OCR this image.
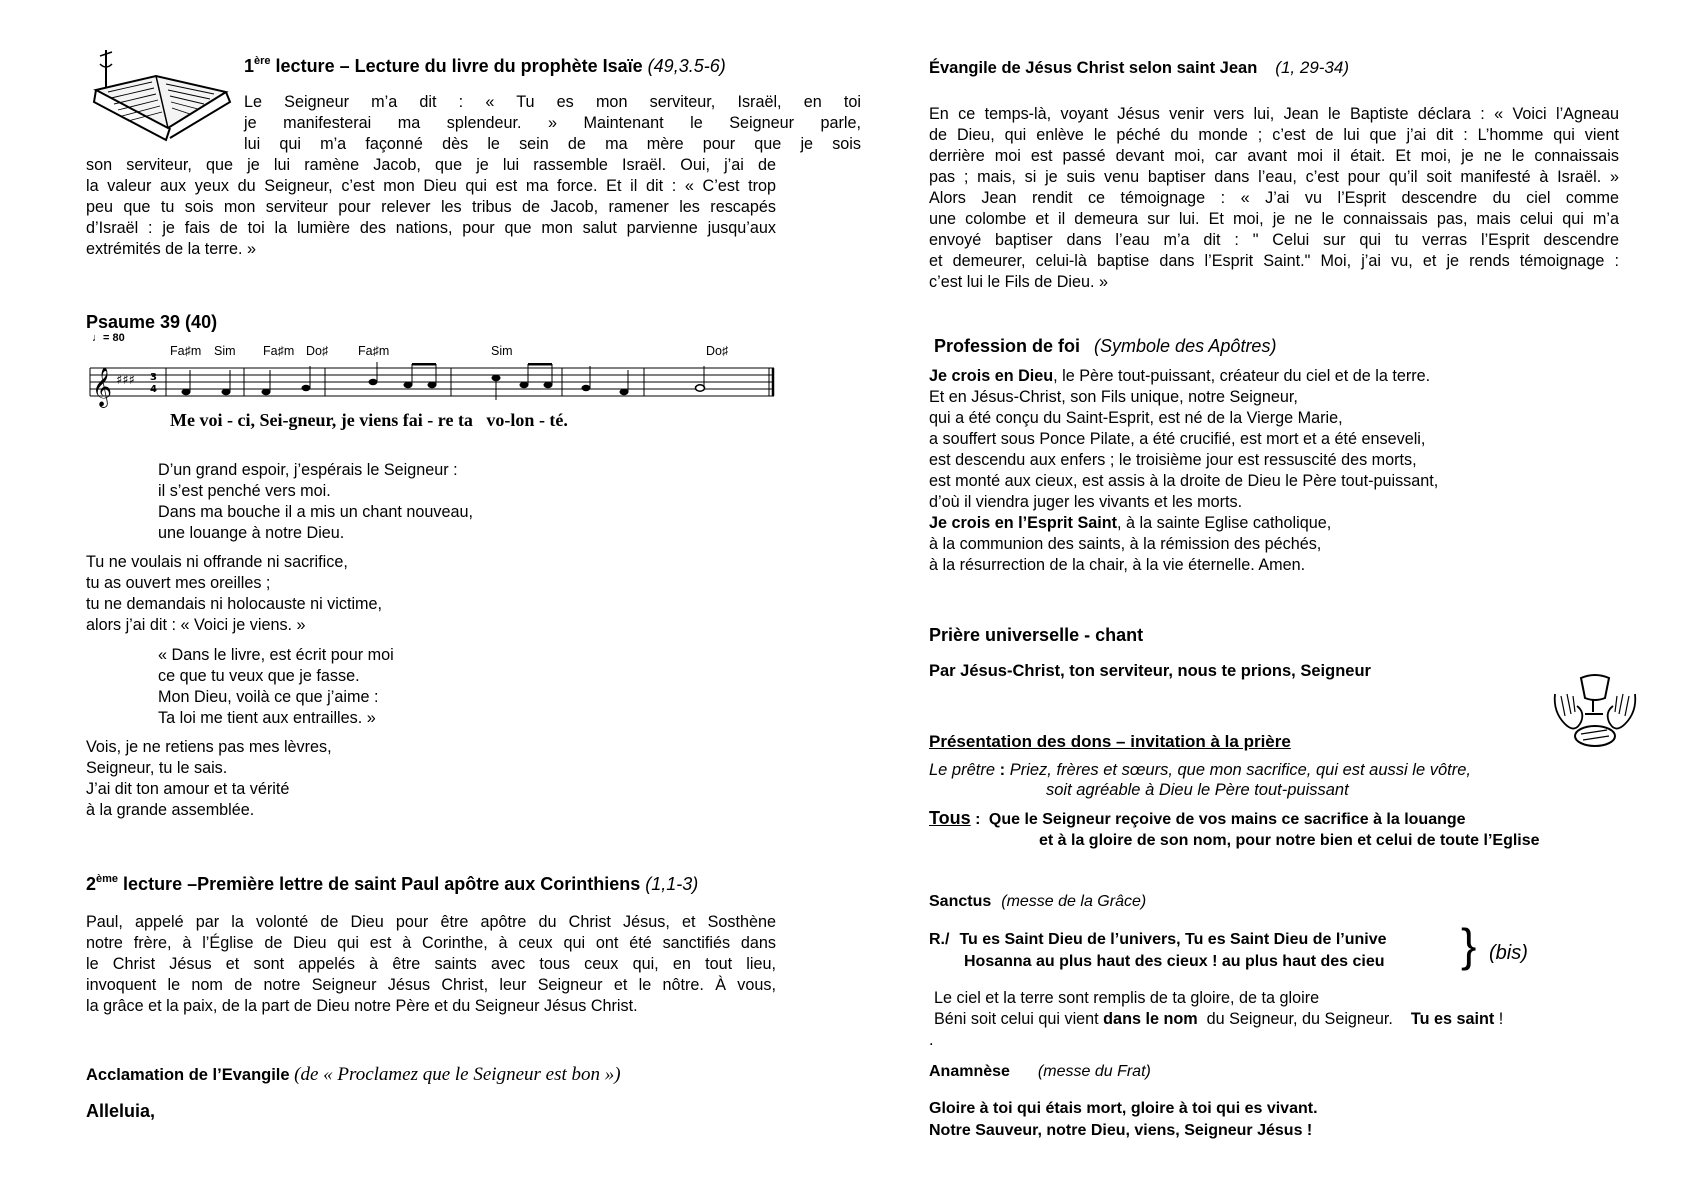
1ère lecture – Lecture du livre du prophète Isaïe (49,3.5-6)
Le Seigneur m’a dit : « Tu es mon serviteur, Israël, en toi
je manifesterai ma splendeur. » Maintenant le Seigneur parle,
lui qui m’a façonné dès le sein de ma mère pour que je sois
son serviteur, que je lui ramène Jacob, que je lui rassemble Israël. Oui, j’ai de
la valeur aux yeux du Seigneur, c’est mon Dieu qui est ma force. Et il dit : « C’est trop
peu que tu sois mon serviteur pour relever les tribus de Jacob, ramener les rescapés
d’Israël : je fais de toi la lumière des nations, pour que mon salut parvienne jusqu’aux
extrémités de la terre. »
Psaume 39 (40)
♩= 80
Fa♯m Sim Fa♯m Do♯ Fa♯m	Sim	Do♯
𝄞 ♯♯♯ 3
4
Me voi - ci, Sei-gneur, je viens fai - re ta   vo-lon - té.
D’un grand espoir, j’espérais le Seigneur :
il s’est penché vers moi.
Dans ma bouche il a mis un chant nouveau,
une louange à notre Dieu.
Tu ne voulais ni offrande ni sacrifice,
tu as ouvert mes oreilles ;
tu ne demandais ni holocauste ni victime,
alors j’ai dit : « Voici je viens. »
« Dans le livre, est écrit pour moi
ce que tu veux que je fasse.
Mon Dieu, voilà ce que j’aime :
Ta loi me tient aux entrailles. »
Vois, je ne retiens pas mes lèvres,
Seigneur, tu le sais.
J’ai dit ton amour et ta vérité
à la grande assemblée.
2ème lecture –Première lettre de saint Paul apôtre aux Corinthiens (1,1-3)
Paul, appelé par la volonté de Dieu pour être apôtre du Christ Jésus, et Sosthène
notre frère, à l’Église de Dieu qui est à Corinthe, à ceux qui ont été sanctifiés dans
le Christ Jésus et sont appelés à être saints avec tous ceux qui, en tout lieu,
invoquent le nom de notre Seigneur Jésus Christ, leur Seigneur et le nôtre. À vous,
la grâce et la paix, de la part de Dieu notre Père et du Seigneur Jésus Christ.
Acclamation de l’Evangile (de « Proclamez que le Seigneur est bon »)
Alleluia,
Évangile de Jésus Christ selon saint Jean (1, 29-34)
En ce temps-là, voyant Jésus venir vers lui, Jean le Baptiste déclara : « Voici l’Agneau
de Dieu, qui enlève le péché du monde ; c’est de lui que j’ai dit : L’homme qui vient
derrière moi est passé devant moi, car avant moi il était. Et moi, je ne le connaissais
pas ; mais, si je suis venu baptiser dans l’eau, c’est pour qu’il soit manifesté à Israël. »
Alors Jean rendit ce témoignage : « J’ai vu l’Esprit descendre du ciel comme
une colombe et il demeura sur lui. Et moi, je ne le connaissais pas, mais celui qui m’a
envoyé baptiser dans l’eau m’a dit : " Celui sur qui tu verras l’Esprit descendre
et demeurer, celui-là baptise dans l’Esprit Saint." Moi, j’ai vu, et je rends témoignage :
c’est lui le Fils de Dieu. »
Profession de foi (Symbole des Apôtres)
Je crois en Dieu, le Père tout-puissant, créateur du ciel et de la terre.
Et en Jésus-Christ, son Fils unique, notre Seigneur,
qui a été conçu du Saint-Esprit, est né de la Vierge Marie,
a souffert sous Ponce Pilate, a été crucifié, est mort et a été enseveli,
est descendu aux enfers ; le troisième jour est ressuscité des morts,
est monté aux cieux, est assis à la droite de Dieu le Père tout-puissant,
d’où il viendra juger les vivants et les morts.
Je crois en l’Esprit Saint, à la sainte Eglise catholique,
à la communion des saints, à la rémission des péchés,
à la résurrection de la chair, à la vie éternelle. Amen.
Prière universelle - chant
Par Jésus-Christ, ton serviteur, nous te prions, Seigneur
Présentation des dons – invitation à la prière
Le prêtre : Priez, frères et sœurs, que mon sacrifice, qui est aussi le vôtre,
soit agréable à Dieu le Père tout-puissant
Tous : Que le Seigneur reçoive de vos mains ce sacrifice à la louange
et à la gloire de son nom, pour notre bien et celui de toute l’Eglise
Sanctus (messe de la Grâce)
R./ Tu es Saint Dieu de l’univers, Tu es Saint Dieu de l’unive
Hosanna au plus haut des cieux ! au plus haut des cieu } (bis)
Le ciel et la terre sont remplis de ta gloire, de ta gloire
Béni soit celui qui vient dans le nom  du Seigneur, du Seigneur.    Tu es saint !
.
Anamnèse (messe du Frat)
Gloire à toi qui étais mort, gloire à toi qui es vivant.
Notre Sauveur, notre Dieu, viens, Seigneur Jésus !
